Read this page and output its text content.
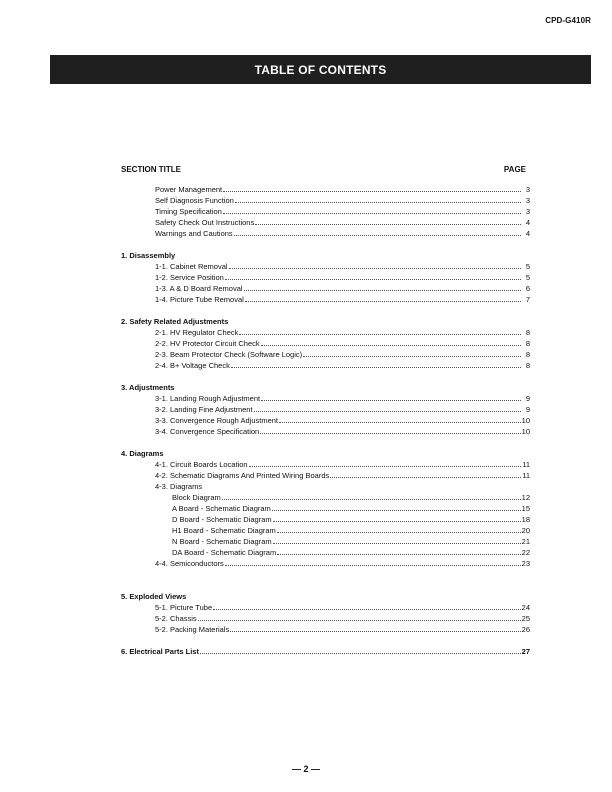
CPD-G410R
TABLE OF CONTENTS
SECTION TITLE	PAGE
Power Management	3
Self Diagnosis Function	3
Timing Specification	3
Safety Check Out Instructions	4
Warnings and Cautions	4
1. Disassembly
1-1. Cabinet Removal	5
1-2. Service Position	5
1-3. A & D Board Removal	6
1-4. Picture Tube Removal	7
2. Safety Related Adjustments
2-1. HV Regulator Check	8
2-2. HV Protector Circuit Check	8
2-3. Beam Protector Check (Software Logic)	8
2-4. B+ Voltage Check	8
3. Adjustments
3-1. Landing Rough Adjustment	9
3-2. Landing Fine Adjustment	9
3-3. Convergence Rough Adjustment	10
3-4. Convergence Specification	10
4. Diagrams
4-1. Circuit Boards Location	11
4-2. Schematic Diagrams And Printed Wiring Boards	11
4-3. Diagrams
Block Diagram	12
A Board - Schematic Diagram	15
D Board - Schematic Diagram	18
H1 Board - Schematic Diagram	20
N Board - Schematic Diagram	21
DA Board - Schematic Diagram	22
4-4. Semiconductors	23
5. Exploded Views
5-1. Picture Tube	24
5-2. Chassis	25
5-2. Packing Materials	26
6. Electrical Parts List	27
— 2 —
